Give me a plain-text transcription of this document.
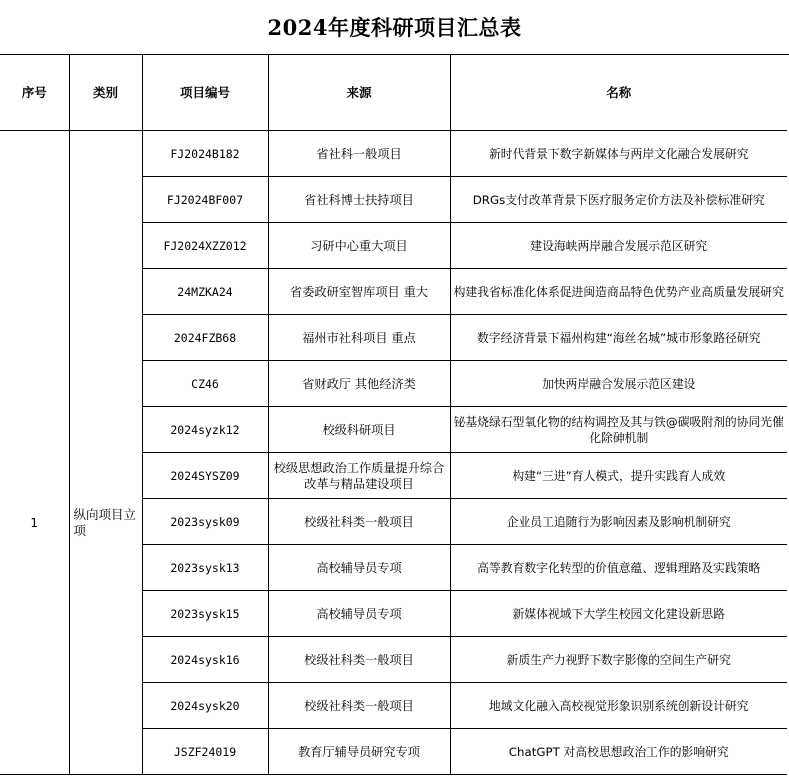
2024年度科研项目汇总表
序号	类别	项目编号	来源	名称
1	纵向项目立项	FJ2024B182	省社科一般项目	新时代背景下数字新媒体与两岸文化融合发展研究
		FJ2024BF007	省社科博士扶持项目	DRGs支付改革背景下医疗服务定价方法及补偿标准研究
		FJ2024XZZ012	习研中心重大项目	建设海峡两岸融合发展示范区研究
		24MZKA24	省委政研室智库项目 重大	构建我省标准化体系促进闽造商品特色优势产业高质量发展研究
		2024FZB68	福州市社科项目 重点	数字经济背景下福州构建“海丝名城”城市形象路径研究
		CZ46	省财政厅 其他经济类	加快两岸融合发展示范区建设
		2024syzk12	校级科研项目	铋基烧绿石型氧化物的结构调控及其与铁@碳吸附剂的协同光催化除砷机制
		2024SYSZ09	校级思想政治工作质量提升综合改革与精品建设项目	构建“三进”育人模式，提升实践育人成效
		2023sysk09	校级社科类一般项目	企业员工追随行为影响因素及影响机制研究
		2023sysk13	高校辅导员专项	高等教育数字化转型的价值意蕴、逻辑理路及实践策略
		2023sysk15	高校辅导员专项	新媒体视域下大学生校园文化建设新思路
		2024sysk16	校级社科类一般项目	新质生产力视野下数字影像的空间生产研究
		2024sysk20	校级社科类一般项目	地域文化融入高校视觉形象识别系统创新设计研究
		JSZF24019	教育厅辅导员研究专项	ChatGPT 对高校思想政治工作的影响研究
